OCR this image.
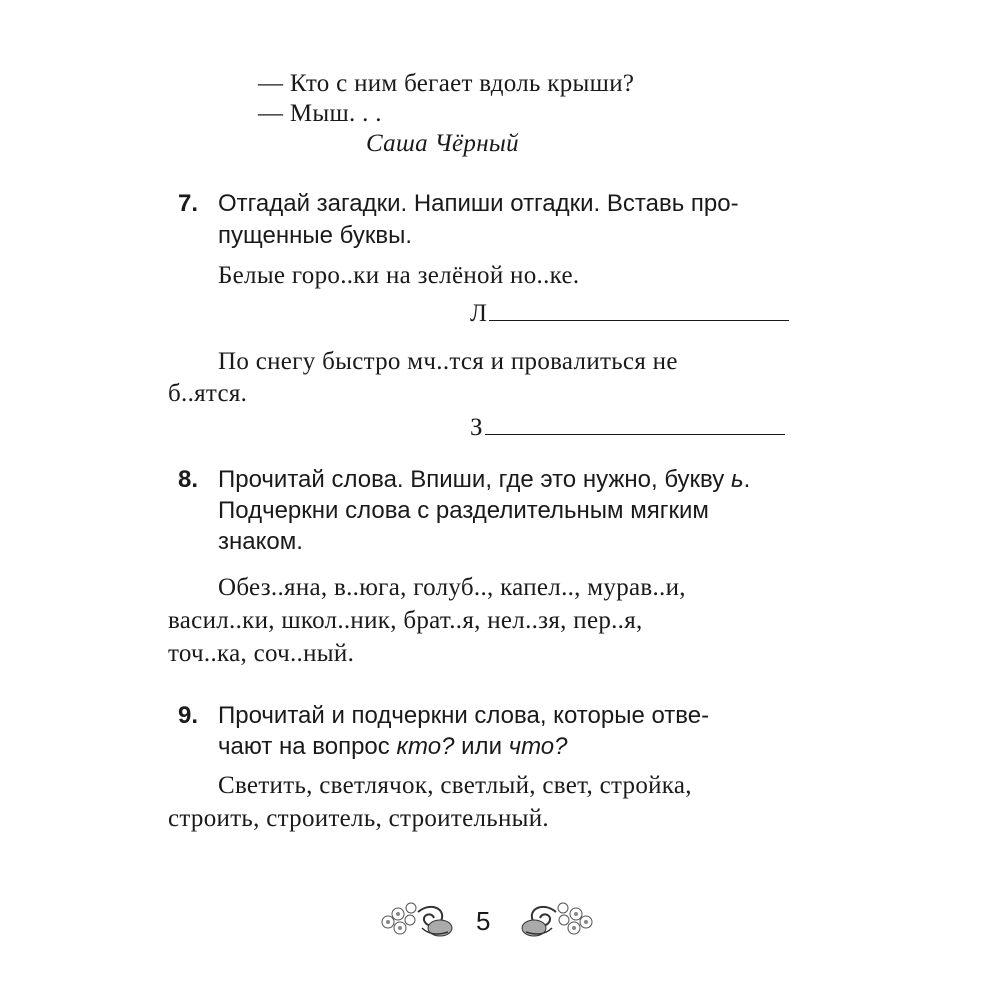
— Кто с ним бегает вдоль крыши?
— Мыш. . .
Саша Чёрный
7. Отгадай загадки. Напиши отгадки. Вставь про-
пущенные буквы.
Белые горо..ки на зелёной но..ке.
Л
По снегу быстро мч..тся и провалиться не
б..ятся.
З
8. Прочитай слова. Впиши, где это нужно, букву ь.
Подчеркни слова с разделительным мягким
знаком.
Обез..яна, в..юга, голуб.., капел.., мурав..и,
васил..ки, школ..ник, брат..я, нел..зя, пер..я,
точ..ка, соч..ный.
9. Прочитай и подчеркни слова, которые отве-
чают на вопрос кто? или что?
Светить, светлячок, светлый, свет, стройка,
строить, строитель, строительный.
5
